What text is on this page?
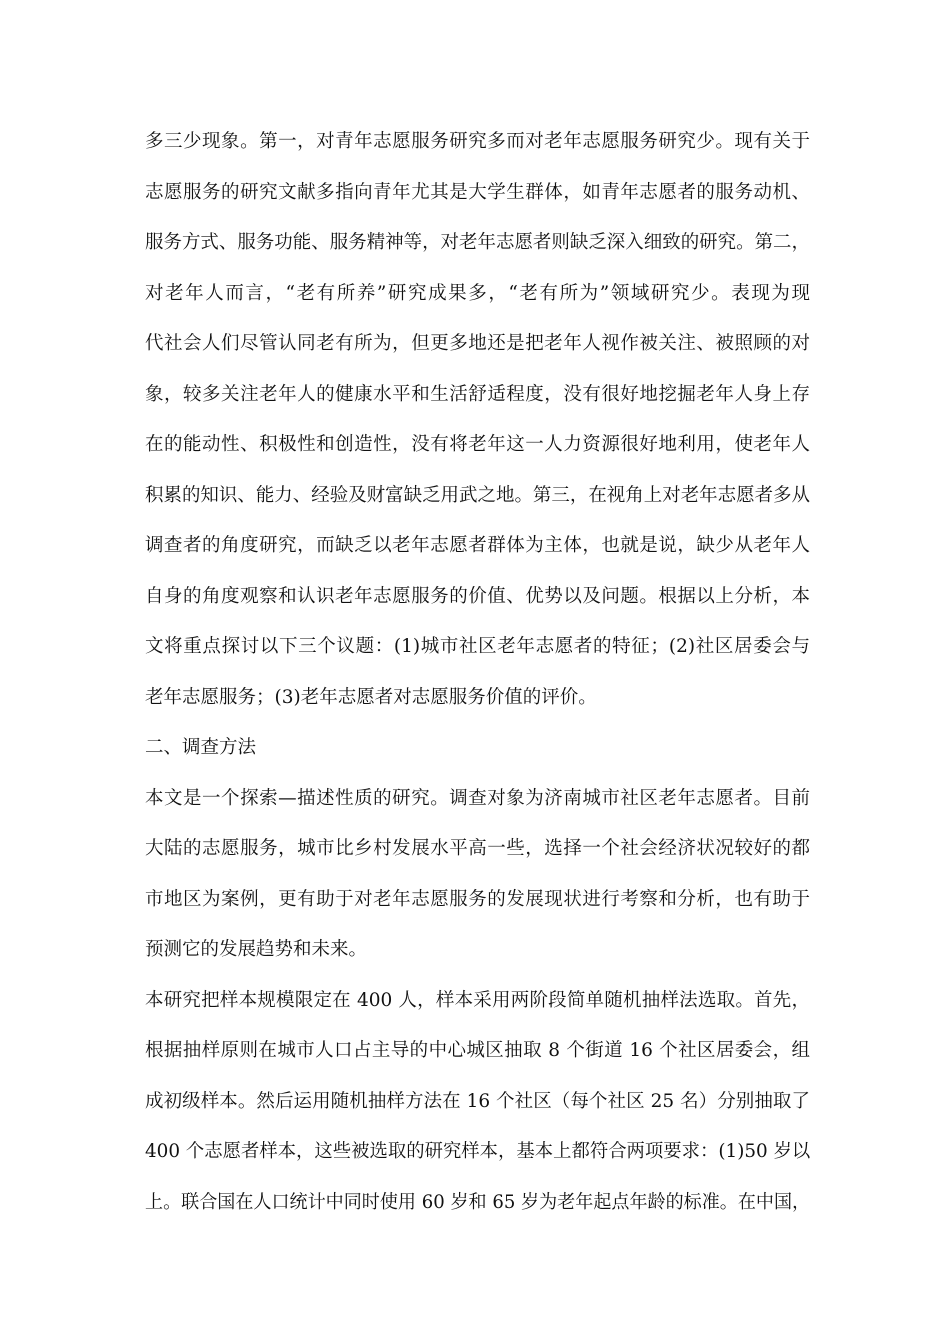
多三少现象。第一，对青年志愿服务研究多而对老年志愿服务研究少。现有关于
志愿服务的研究文献多指向青年尤其是大学生群体，如青年志愿者的服务动机、
服务方式、服务功能、服务精神等，对老年志愿者则缺乏深入细致的研究。第二，
对老年人而言，“老有所养”研究成果多，“老有所为”领域研究少。表现为现
代社会人们尽管认同老有所为，但更多地还是把老年人视作被关注、被照顾的对
象，较多关注老年人的健康水平和生活舒适程度，没有很好地挖掘老年人身上存
在的能动性、积极性和创造性，没有将老年这一人力资源很好地利用，使老年人
积累的知识、能力、经验及财富缺乏用武之地。第三，在视角上对老年志愿者多从
调查者的角度研究，而缺乏以老年志愿者群体为主体，也就是说，缺少从老年人
自身的角度观察和认识老年志愿服务的价值、优势以及问题。根据以上分析，本
文将重点探讨以下三个议题：(1)城市社区老年志愿者的特征；(2)社区居委会与
老年志愿服务；(3)老年志愿者对志愿服务价值的评价。
二、调查方法
本文是一个探索—描述性质的研究。调查对象为济南城市社区老年志愿者。目前
大陆的志愿服务，城市比乡村发展水平高一些，选择一个社会经济状况较好的都
市地区为案例，更有助于对老年志愿服务的发展现状进行考察和分析，也有助于
预测它的发展趋势和未来。
本研究把样本规模限定在 400 人，样本采用两阶段简单随机抽样法选取。首先，
根据抽样原则在城市人口占主导的中心城区抽取 8 个街道 16 个社区居委会，组
成初级样本。然后运用随机抽样方法在 16 个社区（每个社区 25 名）分别抽取了
400 个志愿者样本，这些被选取的研究样本，基本上都符合两项要求：(1)50 岁以
上。联合国在人口统计中同时使用 60 岁和 65 岁为老年起点年龄的标准。在中国，
